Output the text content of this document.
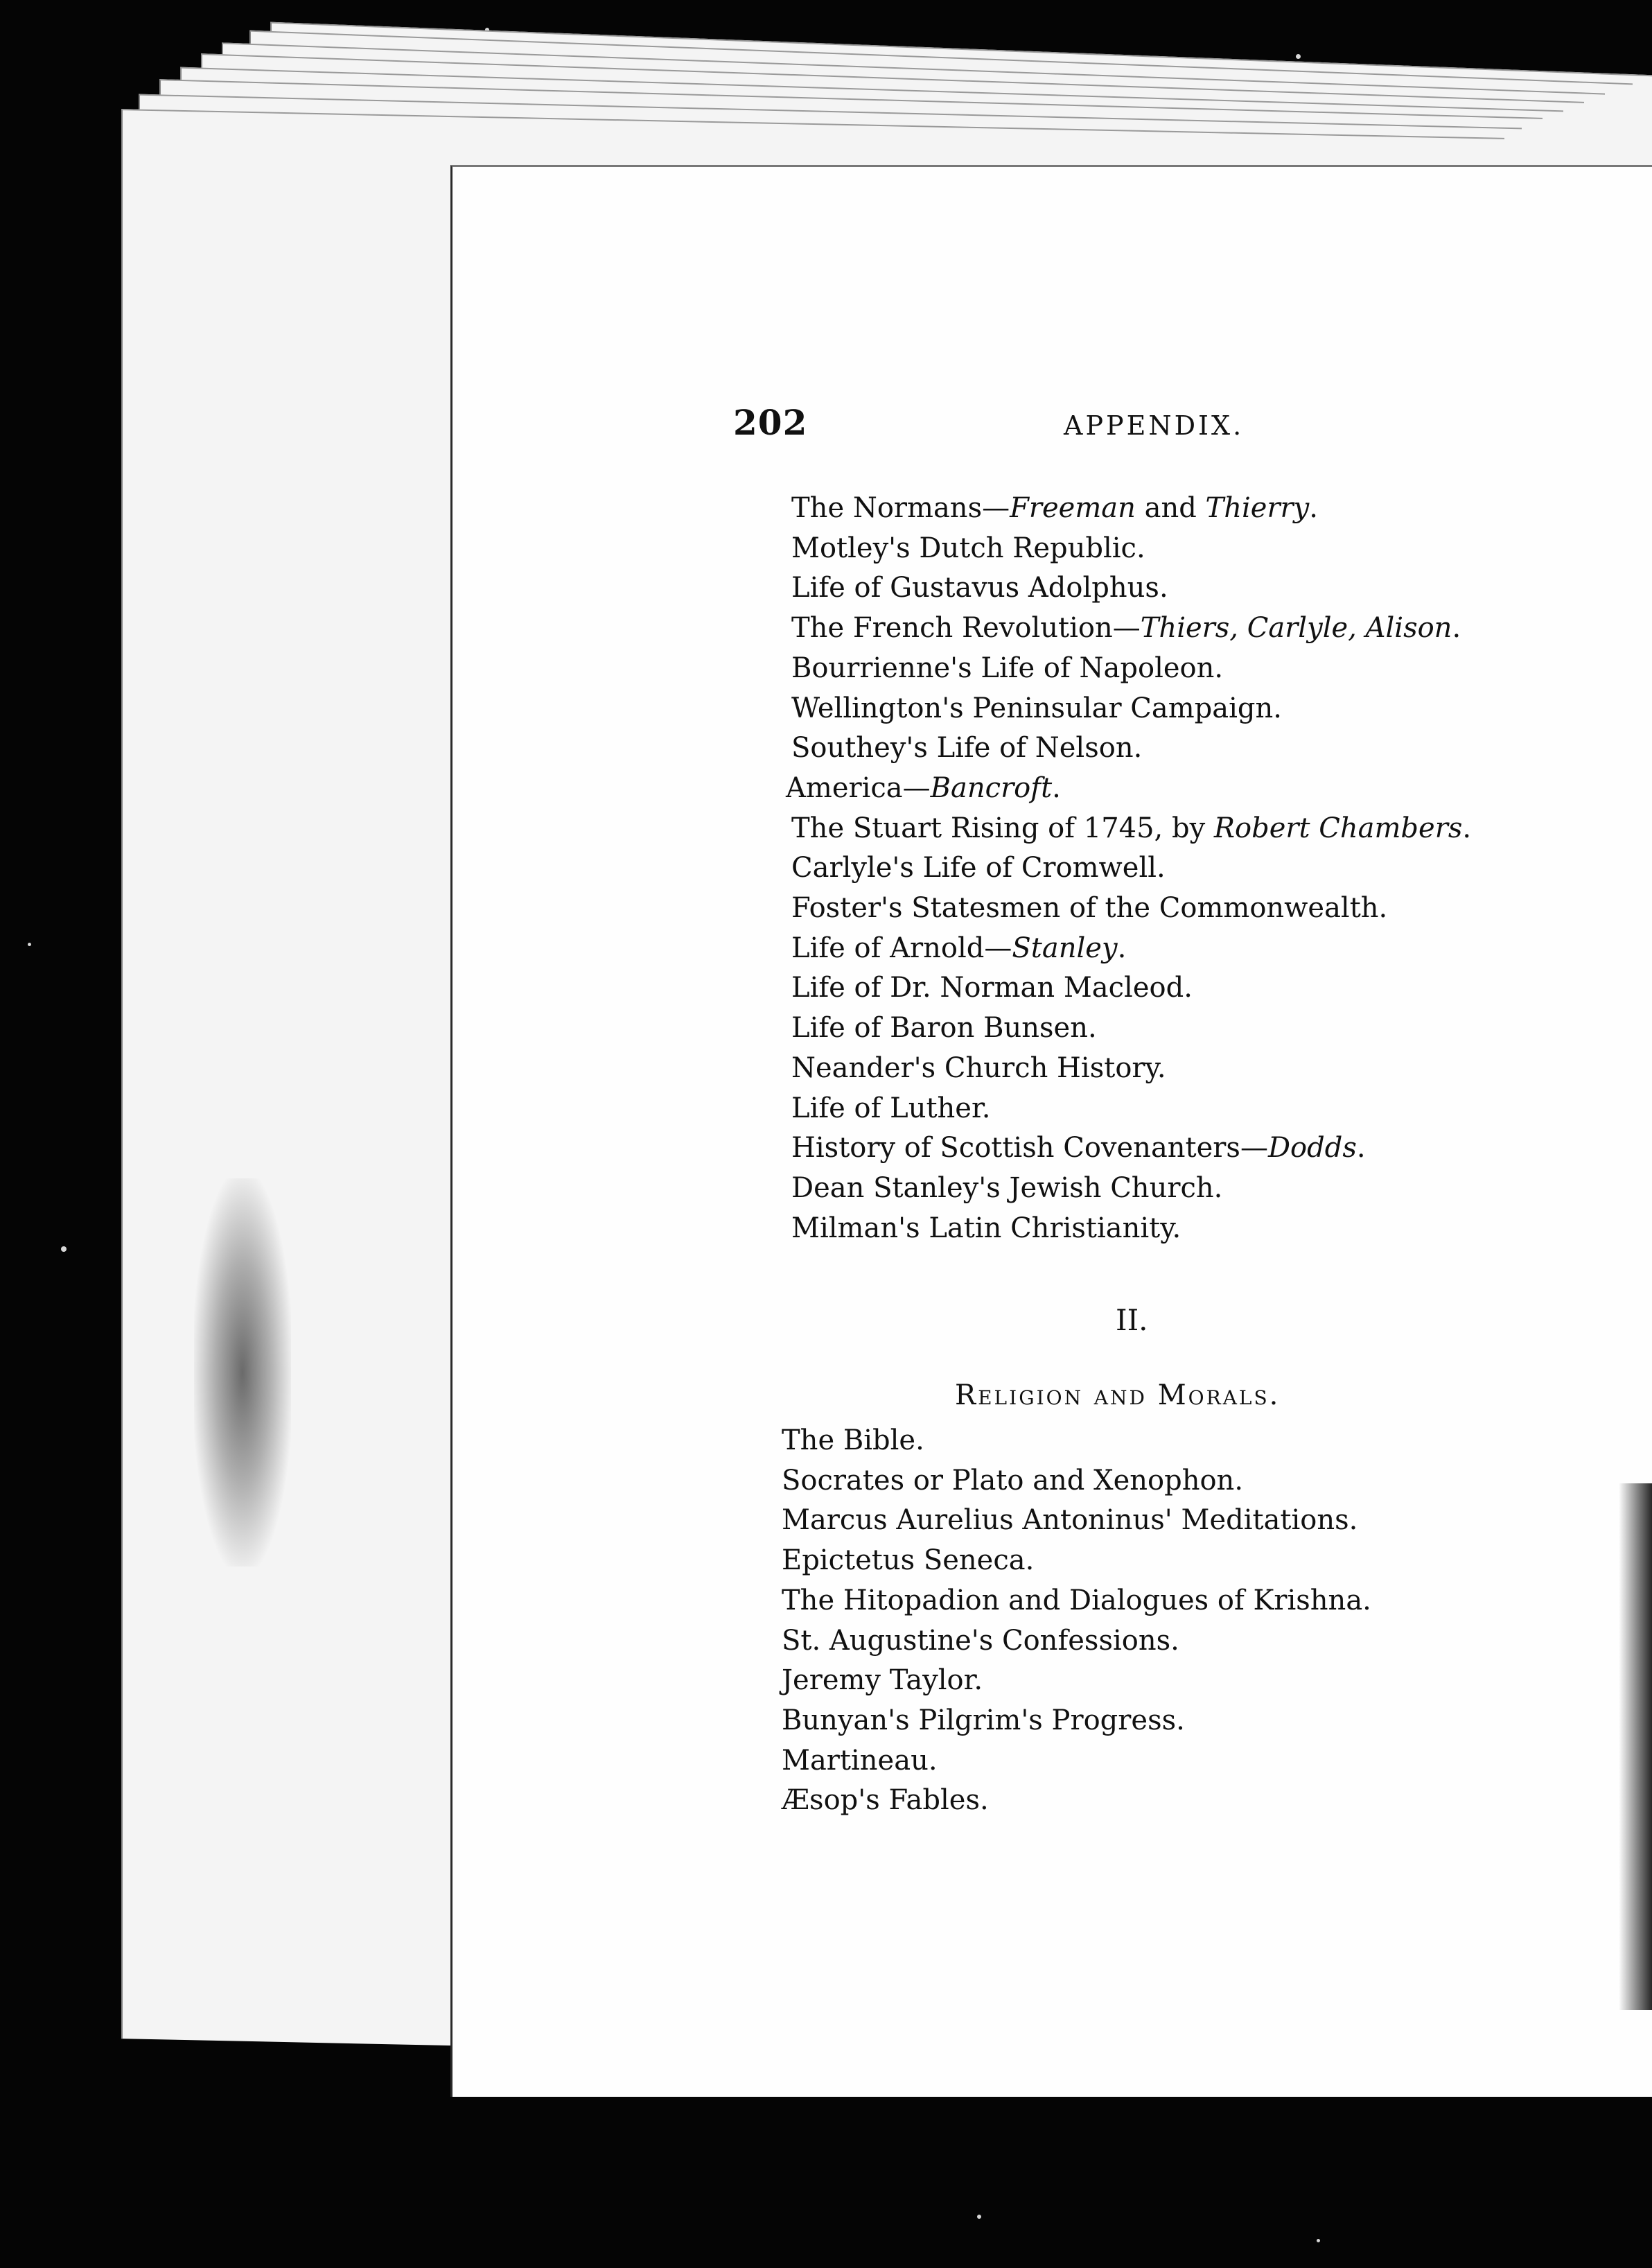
202	APPENDIX.
The Normans—Freeman and Thierry.
Motley's Dutch Republic.
Life of Gustavus Adolphus.
The French Revolution—Thiers, Carlyle, Alison.
Bourrienne's Life of Napoleon.
Wellington's Peninsular Campaign.
Southey's Life of Nelson.
America—Bancroft.
The Stuart Rising of 1745, by Robert Chambers.
Carlyle's Life of Cromwell.
Foster's Statesmen of the Commonwealth.
Life of Arnold—Stanley.
Life of Dr. Norman Macleod.
Life of Baron Bunsen.
Neander's Church History.
Life of Luther.
History of Scottish Covenanters—Dodds.
Dean Stanley's Jewish Church.
Milman's Latin Christianity.
II.
Religion and Morals.
The Bible.
Socrates or Plato and Xenophon.
Marcus Aurelius Antoninus' Meditations.
Epictetus Seneca.
The Hitopadion and Dialogues of Krishna.
St. Augustine's Confessions.
Jeremy Taylor.
Bunyan's Pilgrim's Progress.
Martineau.
Æsop's Fables.
